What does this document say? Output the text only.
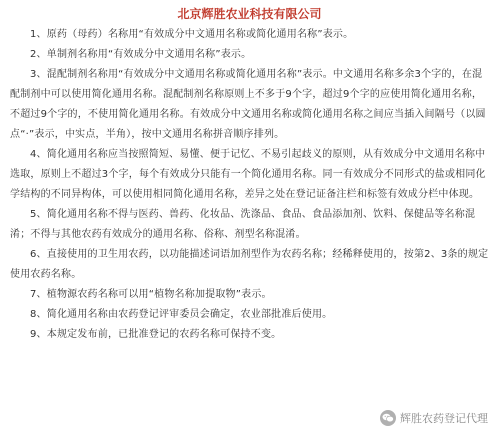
北京辉胜农业科技有限公司

1、原药（母药）名称用“有效成分中文通用名称或简化通用名称”表示。

2、单制剂名称用“有效成分中文通用名称”表示。

3、混配制剂名称用“有效成分中文通用名称或简化通用名称”表示。中文通用名称多余3个字的，在混配制剂中可以使用简化通用名称。混配制剂名称原则上不多于9个字，超过9个字的应使用简化通用名称，不超过9个字的，不使用简化通用名称。有效成分中文通用名称或简化通用名称之间应当插入间隔号（以圆点“·”表示，中实点，半角），按中文通用名称拼音顺序排列。

4、简化通用名称应当按照简短、易懂、便于记忆、不易引起歧义的原则，从有效成分中文通用名称中选取，原则上不超过3个字，每个有效成分只能有一个简化通用名称。同一有效成分不同形式的盐或相同化学结构的不同异构体，可以使用相同简化通用名称，差异之处在登记证备注栏和标签有效成分栏中体现。

5、简化通用名称不得与医药、兽药、化妆品、洗涤品、食品、食品添加剂、饮料、保健品等名称混淆；不得与其他农药有效成分的通用名称、俗称、剂型名称混淆。

6、直接使用的卫生用农药，以功能描述词语加剂型作为农药名称；经稀释使用的，按第2、3条的规定使用农药名称。

7、植物源农药名称可以用“植物名称加提取物”表示。

8、简化通用名称由农药登记评审委员会确定，农业部批准后使用。

9、本规定发布前，已批准登记的农药名称可保持不变。

辉胜农药登记代理
